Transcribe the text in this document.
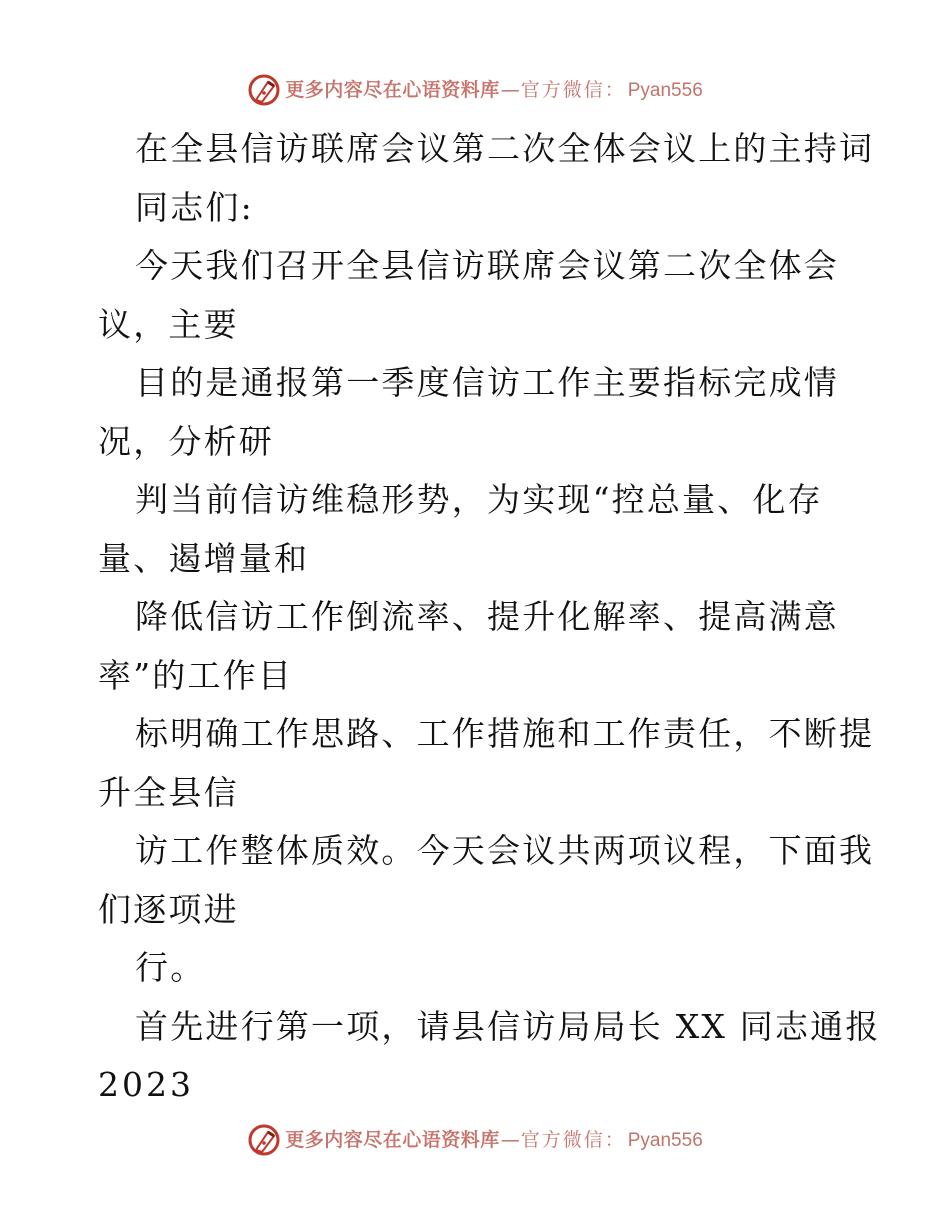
更多内容尽在心语资料库 — 官方微信： Pyan556
在全县信访联席会议第二次全体会议上的主持词
同志们:
今天我们召开全县信访联席会议第二次全体会
议，主要
目的是通报第一季度信访工作主要指标完成情
况，分析研
判当前信访维稳形势，为实现“控总量、化存
量、遏增量和
降低信访工作倒流率、提升化解率、提高满意
率”的工作目
标明确工作思路、工作措施和工作责任，不断提
升全县信
访工作整体质效。今天会议共两项议程，下面我
们逐项进
行。
首先进行第一项，请县信访局局长 XX 同志通报
2023
更多内容尽在心语资料库 — 官方微信： Pyan556
